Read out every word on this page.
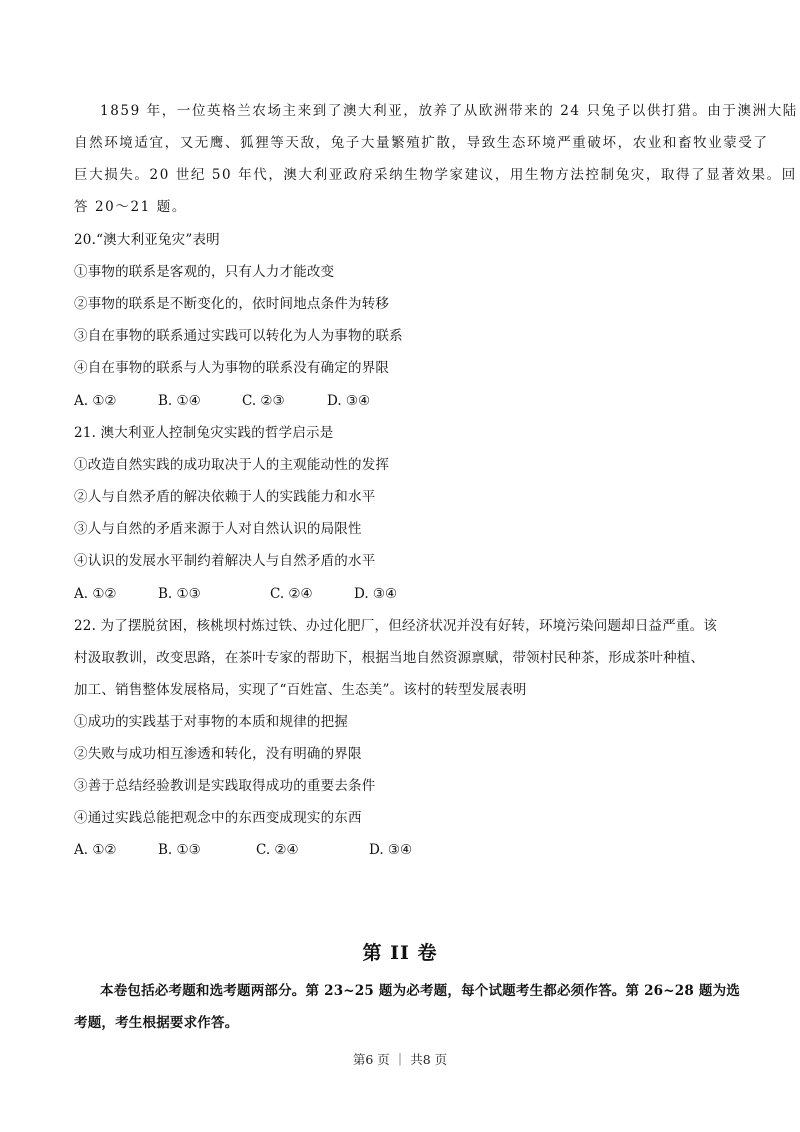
1859 年，一位英格兰农场主来到了澳大利亚，放养了从欧洲带来的 24 只兔子以供打猎。由于澳洲大陆
自然环境适宜，又无鹰、狐狸等天敌，兔子大量繁殖扩散，导致生态环境严重破坏，农业和畜牧业蒙受了
巨大损失。20 世纪 50 年代，澳大利亚政府采纳生物学家建议，用生物方法控制兔灾，取得了显著效果。回
答 20～21 题。
20.“澳大利亚兔灾”表明
①事物的联系是客观的，只有人力才能改变
②事物的联系是不断变化的，依时间地点条件为转移
③自在事物的联系通过实践可以转化为人为事物的联系
④自在事物的联系与人为事物的联系没有确定的界限
A. ①②	B. ①④	C. ②③	D. ③④
21. 澳大利亚人控制兔灾实践的哲学启示是
①改造自然实践的成功取决于人的主观能动性的发挥
②人与自然矛盾的解决依赖于人的实践能力和水平
③人与自然的矛盾来源于人对自然认识的局限性
④认识的发展水平制约着解决人与自然矛盾的水平
A. ①②	B. ①③	C. ②④	D. ③④
22. 为了摆脱贫困，核桃坝村炼过铁、办过化肥厂，但经济状况并没有好转，环境污染问题却日益严重。该
村汲取教训，改变思路，在茶叶专家的帮助下，根据当地自然资源禀赋，带领村民种茶，形成茶叶种植、
加工、销售整体发展格局，实现了“百姓富、生态美”。该村的转型发展表明
①成功的实践基于对事物的本质和规律的把握
②失败与成功相互渗透和转化，没有明确的界限
③善于总结经验教训是实践取得成功的重要去条件
④通过实践总能把观念中的东西变成现实的东西
A. ①②	B. ①③	C. ②④	D. ③④
第 II 卷
本卷包括必考题和选考题两部分。第 23~25 题为必考题，每个试题考生都必须作答。第 26~28 题为选
考题，考生根据要求作答。
第6 页 ｜ 共8 页
